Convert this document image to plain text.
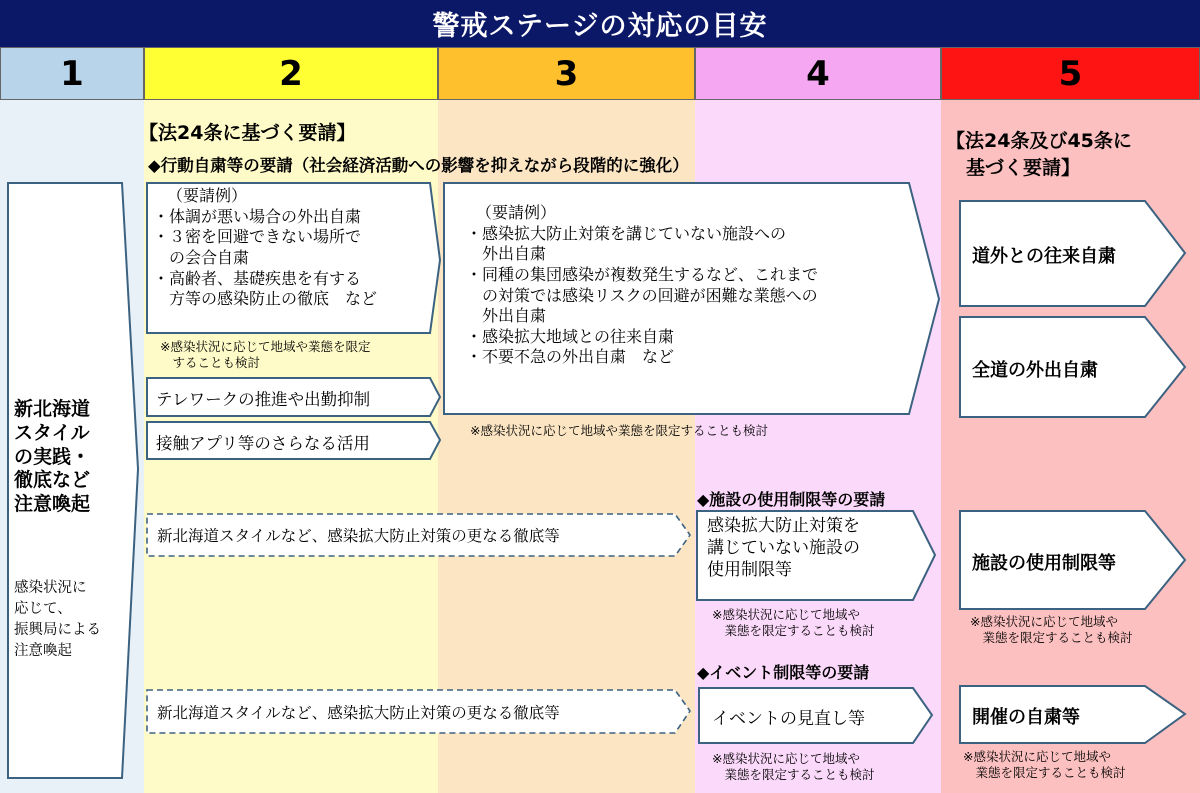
警戒ステージの対応の目安
1	2	3	4	5
新北海道
スタイル
の実践・
徹底など
注意喚起
感染状況に
応じて、
振興局による
注意喚起
【法24条に基づく要請】
◆行動自粛等の要請（社会経済活動への影響を抑えながら段階的に強化）
（要請例）
・体調が悪い場合の外出自粛
・３密を回避できない場所で
　の会合自粛
・高齢者、基礎疾患を有する
　方等の感染防止の徹底　など
※感染状況に応じて地域や業態を限定
　することも検討
テレワークの推進や出勤抑制
接触アプリ等のさらなる活用
新北海道スタイルなど、感染拡大防止対策の更なる徹底等
新北海道スタイルなど、感染拡大防止対策の更なる徹底等
（要請例）
・感染拡大防止対策を講じていない施設への
　外出自粛
・同種の集団感染が複数発生するなど、これまで
　の対策では感染リスクの回避が困難な業態への
　外出自粛
・感染拡大地域との往来自粛
・不要不急の外出自粛　など
※感染状況に応じて地域や業態を限定することも検討
◆施設の使用制限等の要請
感染拡大防止対策を
講じていない施設の
使用制限等
※感染状況に応じて地域や
　業態を限定することも検討
◆イベント制限等の要請
イベントの見直し等
※感染状況に応じて地域や
　業態を限定することも検討
【法24条及び45条に
基づく要請】
道外との往来自粛
全道の外出自粛
施設の使用制限等
※感染状況に応じて地域や
　業態を限定することも検討
開催の自粛等
※感染状況に応じて地域や
　業態を限定することも検討
